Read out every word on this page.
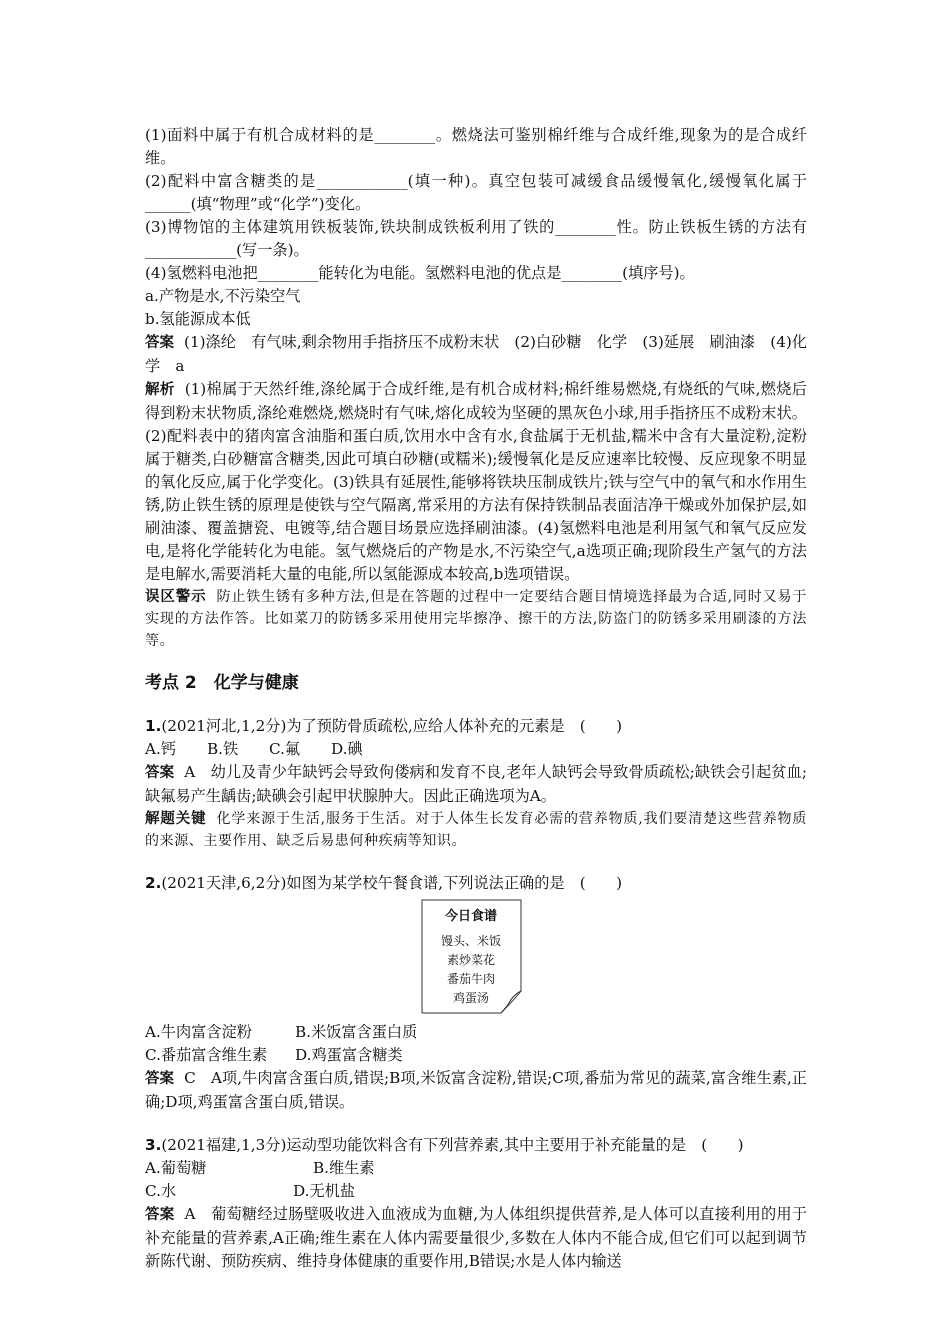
(1)面料中属于有机合成材料的是________。燃烧法可鉴别棉纤维与合成纤维,现象为的是合成纤维。

(2)配料中富含糖类的是____________(填一种)。真空包装可减缓食品缓慢氧化,缓慢氧化属于______(填“物理”或“化学”)变化。

(3)博物馆的主体建筑用铁板装饰,铁块制成铁板利用了铁的________性。防止铁板生锈的方法有____________(写一条)。

(4)氢燃料电池把________能转化为电能。氢燃料电池的优点是________(填序号)。

a.产物是水,不污染空气

b.氢能源成本低

答案 (1)涤纶　有气味,剩余物用手指挤压不成粉末状　(2)白砂糖　化学　(3)延展　刷油漆　(4)化学　a

解析 (1)棉属于天然纤维,涤纶属于合成纤维,是有机合成材料;棉纤维易燃烧,有烧纸的气味,燃烧后得到粉末状物质,涤纶难燃烧,燃烧时有气味,熔化成较为坚硬的黑灰色小球,用手指挤压不成粉末状。(2)配料表中的猪肉富含油脂和蛋白质,饮用水中含有水,食盐属于无机盐,糯米中含有大量淀粉,淀粉属于糖类,白砂糖富含糖类,因此可填白砂糖(或糯米);缓慢氧化是反应速率比较慢、反应现象不明显的氧化反应,属于化学变化。(3)铁具有延展性,能够将铁块压制成铁片;铁与空气中的氧气和水作用生锈,防止铁生锈的原理是使铁与空气隔离,常采用的方法有保持铁制品表面洁净干燥或外加保护层,如刷油漆、覆盖搪瓷、电镀等,结合题目场景应选择刷油漆。(4)氢燃料电池是利用氢气和氧气反应发电,是将化学能转化为电能。氢气燃烧后的产物是水,不污染空气,a选项正确;现阶段生产氢气的方法是电解水,需要消耗大量的电能,所以氢能源成本较高,b选项错误。

误区警示 防止铁生锈有多种方法,但是在答题的过程中一定要结合题目情境选择最为合适,同时又易于实现的方法作答。比如菜刀的防锈多采用使用完毕擦净、擦干的方法,防盗门的防锈多采用刷漆的方法等。

考点 2　化学与健康

1.(2021河北,1,2分)为了预防骨质疏松,应给人体补充的元素是　(　　)

A.钙	B.铁	C.氟	D.碘

答案 A　幼儿及青少年缺钙会导致佝偻病和发育不良,老年人缺钙会导致骨质疏松;缺铁会引起贫血;缺氟易产生龋齿;缺碘会引起甲状腺肿大。因此正确选项为A。

解题关键 化学来源于生活,服务于生活。对于人体生长发育必需的营养物质,我们要清楚这些营养物质的来源、主要作用、缺乏后易患何种疾病等知识。

2.(2021天津,6,2分)如图为某学校午餐食谱,下列说法正确的是　(　　)

今日食谱
馒头、米饭
素炒菜花
番茄牛肉
鸡蛋汤
A.牛肉富含淀粉	B.米饭富含蛋白质
C.番茄富含维生素	D.鸡蛋富含糖类

答案 C　A项,牛肉富含蛋白质,错误;B项,米饭富含淀粉,错误;C项,番茄为常见的蔬菜,富含维生素,正确;D项,鸡蛋富含蛋白质,错误。

3.(2021福建,1,3分)运动型功能饮料含有下列营养素,其中主要用于补充能量的是　(　　)

A.葡萄糖	B.维生素
C.水	D.无机盐

答案 A　葡萄糖经过肠壁吸收进入血液成为血糖,为人体组织提供营养,是人体可以直接利用的用于补充能量的营养素,A正确;维生素在人体内需要量很少,多数在人体内不能合成,但它们可以起到调节新陈代谢、预防疾病、维持身体健康的重要作用,B错误;水是人体内输送
